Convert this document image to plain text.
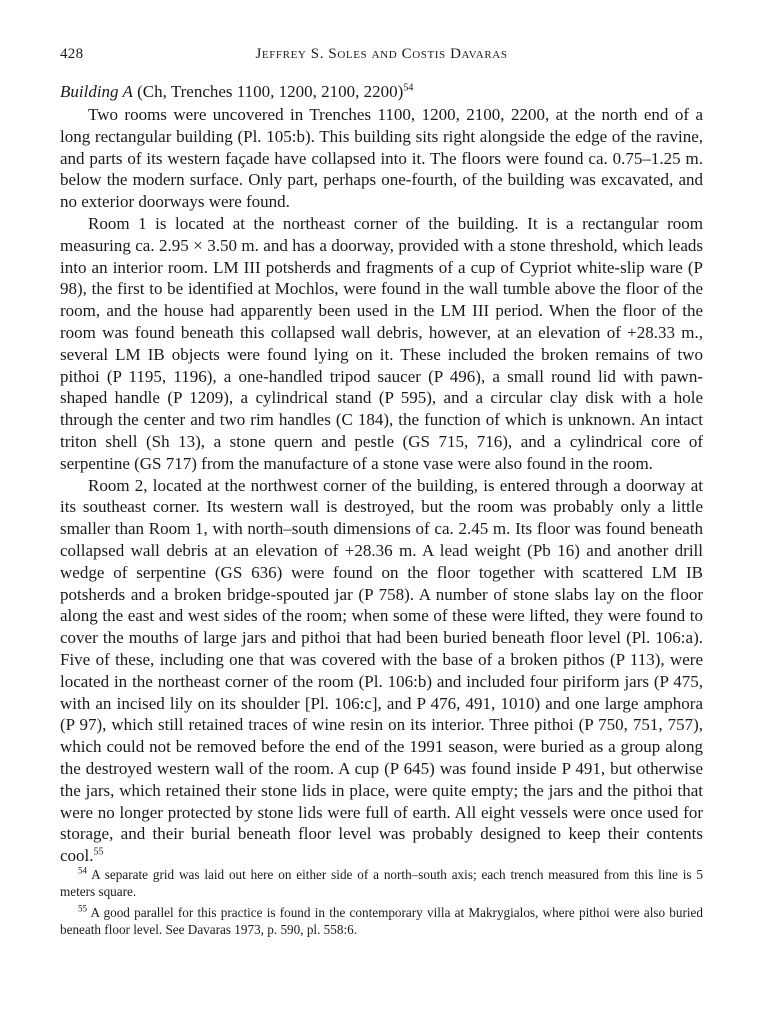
428	Jeffrey S. Soles and Costis Davaras
Building A (Ch, Trenches 1100, 1200, 2100, 2200)$^{54}$

Two rooms were uncovered in Trenches 1100, 1200, 2100, 2200, at the north end of a long rectangular building (Pl. 105:b). This building sits right alongside the edge of the ravine, and parts of its western façade have collapsed into it. The floors were found ca. 0.75–1.25 m. below the modern surface. Only part, perhaps one-fourth, of the building was excavated, and no exterior doorways were found.

Room 1 is located at the northeast corner of the building. It is a rectangular room measuring ca. 2.95 × 3.50 m. and has a doorway, provided with a stone threshold, which leads into an interior room. LM III potsherds and fragments of a cup of Cypriot white-slip ware (P 98), the first to be identified at Mochlos, were found in the wall tumble above the floor of the room, and the house had apparently been used in the LM III period. When the floor of the room was found beneath this collapsed wall debris, however, at an elevation of +28.33 m., several LM IB objects were found lying on it. These included the broken remains of two pithoi (P 1195, 1196), a one-handled tripod saucer (P 496), a small round lid with pawn-shaped handle (P 1209), a cylindrical stand (P 595), and a circular clay disk with a hole through the center and two rim handles (C 184), the function of which is unknown. An intact triton shell (Sh 13), a stone quern and pestle (GS 715, 716), and a cylindrical core of serpentine (GS 717) from the manufacture of a stone vase were also found in the room.

Room 2, located at the northwest corner of the building, is entered through a doorway at its southeast corner. Its western wall is destroyed, but the room was probably only a little smaller than Room 1, with north–south dimensions of ca. 2.45 m. Its floor was found beneath collapsed wall debris at an elevation of +28.36 m. A lead weight (Pb 16) and another drill wedge of serpentine (GS 636) were found on the floor together with scattered LM IB potsherds and a broken bridge-spouted jar (P 758). A number of stone slabs lay on the floor along the east and west sides of the room; when some of these were lifted, they were found to cover the mouths of large jars and pithoi that had been buried beneath floor level (Pl. 106:a). Five of these, including one that was covered with the base of a broken pithos (P 113), were located in the northeast corner of the room (Pl. 106:b) and included four piriform jars (P 475, with an incised lily on its shoulder [Pl. 106:c], and P 476, 491, 1010) and one large amphora (P 97), which still retained traces of wine resin on its interior. Three pithoi (P 750, 751, 757), which could not be removed before the end of the 1991 season, were buried as a group along the destroyed western wall of the room. A cup (P 645) was found inside P 491, but otherwise the jars, which retained their stone lids in place, were quite empty; the jars and the pithoi that were no longer protected by stone lids were full of earth. All eight vessels were once used for storage, and their burial beneath floor level was probably designed to keep their contents cool.$^{55}$

$^{54}$ A separate grid was laid out here on either side of a north–south axis; each trench measured from this line is 5 meters square.

$^{55}$ A good parallel for this practice is found in the contemporary villa at Makrygialos, where pithoi were also buried beneath floor level. See Davaras 1973, p. 590, pl. 558:6.
